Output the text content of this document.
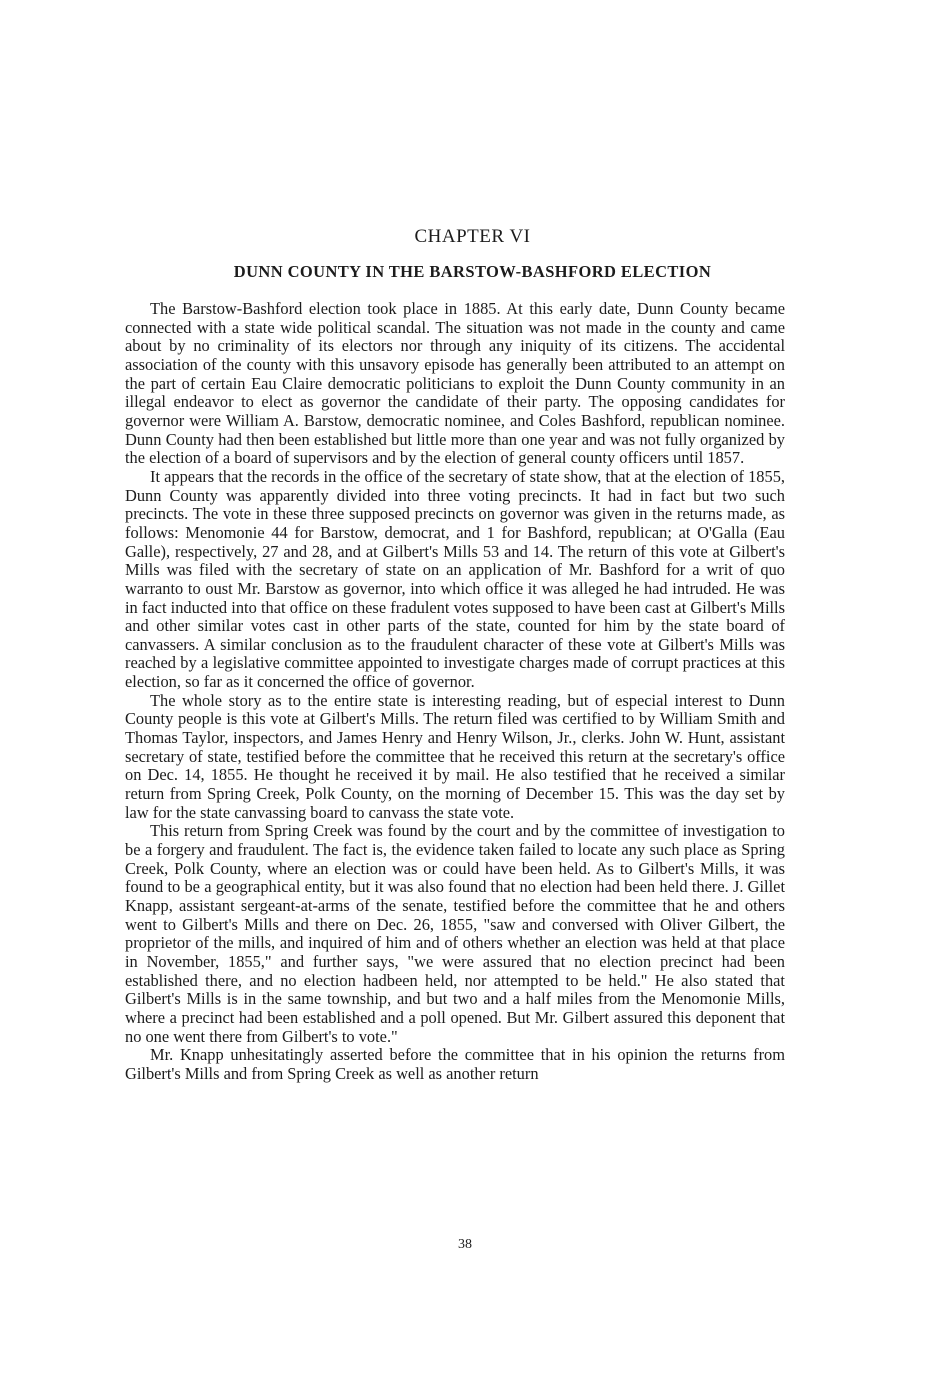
CHAPTER VI
DUNN COUNTY IN THE BARSTOW-BASHFORD ELECTION

The Barstow-Bashford election took place in 1885. At this early date, Dunn County became connected with a state wide political scandal. The situation was not made in the county and came about by no criminality of its electors nor through any iniquity of its citizens. The accidental association of the county with this unsavory episode has generally been attributed to an attempt on the part of certain Eau Claire democratic politicians to exploit the Dunn County community in an illegal endeavor to elect as governor the candidate of their party. The opposing candidates for governor were William A. Barstow, democratic nominee, and Coles Bashford, republican nominee. Dunn County had then been established but little more than one year and was not fully organized by the election of a board of supervisors and by the election of general county officers until 1857.

It appears that the records in the office of the secretary of state show, that at the election of 1855, Dunn County was apparently divided into three voting precincts. It had in fact but two such precincts. The vote in these three supposed precincts on governor was given in the returns made, as follows: Menomonie 44 for Barstow, democrat, and 1 for Bashford, republican; at O'Galla (Eau Galle), respectively, 27 and 28, and at Gilbert's Mills 53 and 14. The return of this vote at Gilbert's Mills was filed with the secretary of state on an application of Mr. Bashford for a writ of quo warranto to oust Mr. Barstow as governor, into which office it was alleged he had intruded. He was in fact inducted into that office on these fradulent votes supposed to have been cast at Gilbert's Mills and other similar votes cast in other parts of the state, counted for him by the state board of canvassers. A similar conclusion as to the fraudulent character of these vote at Gilbert's Mills was reached by a legislative committee appointed to investigate charges made of corrupt practices at this election, so far as it concerned the office of governor.

The whole story as to the entire state is interesting reading, but of especial interest to Dunn County people is this vote at Gilbert's Mills. The return filed was certified to by William Smith and Thomas Taylor, inspectors, and James Henry and Henry Wilson, Jr., clerks. John W. Hunt, assistant secretary of state, testified before the committee that he received this return at the secretary's office on Dec. 14, 1855. He thought he received it by mail. He also testified that he received a similar return from Spring Creek, Polk County, on the morning of December 15. This was the day set by law for the state canvassing board to canvass the state vote.

This return from Spring Creek was found by the court and by the committee of investigation to be a forgery and fraudulent. The fact is, the evidence taken failed to locate any such place as Spring Creek, Polk County, where an election was or could have been held. As to Gilbert's Mills, it was found to be a geographical entity, but it was also found that no election had been held there. J. Gillet Knapp, assistant sergeant-at-arms of the senate, testified before the committee that he and others went to Gilbert's Mills and there on Dec. 26, 1855, "saw and conversed with Oliver Gilbert, the proprietor of the mills, and inquired of him and of others whether an election was held at that place in November, 1855," and further says, "we were assured that no election precinct had been established there, and no election hadbeen held, nor attempted to be held." He also stated that Gilbert's Mills is in the same township, and but two and a half miles from the Menomonie Mills, where a precinct had been established and a poll opened. But Mr. Gilbert assured this deponent that no one went there from Gilbert's to vote."

Mr. Knapp unhesitatingly asserted before the committee that in his opinion the returns from Gilbert's Mills and from Spring Creek as well as another return

38
